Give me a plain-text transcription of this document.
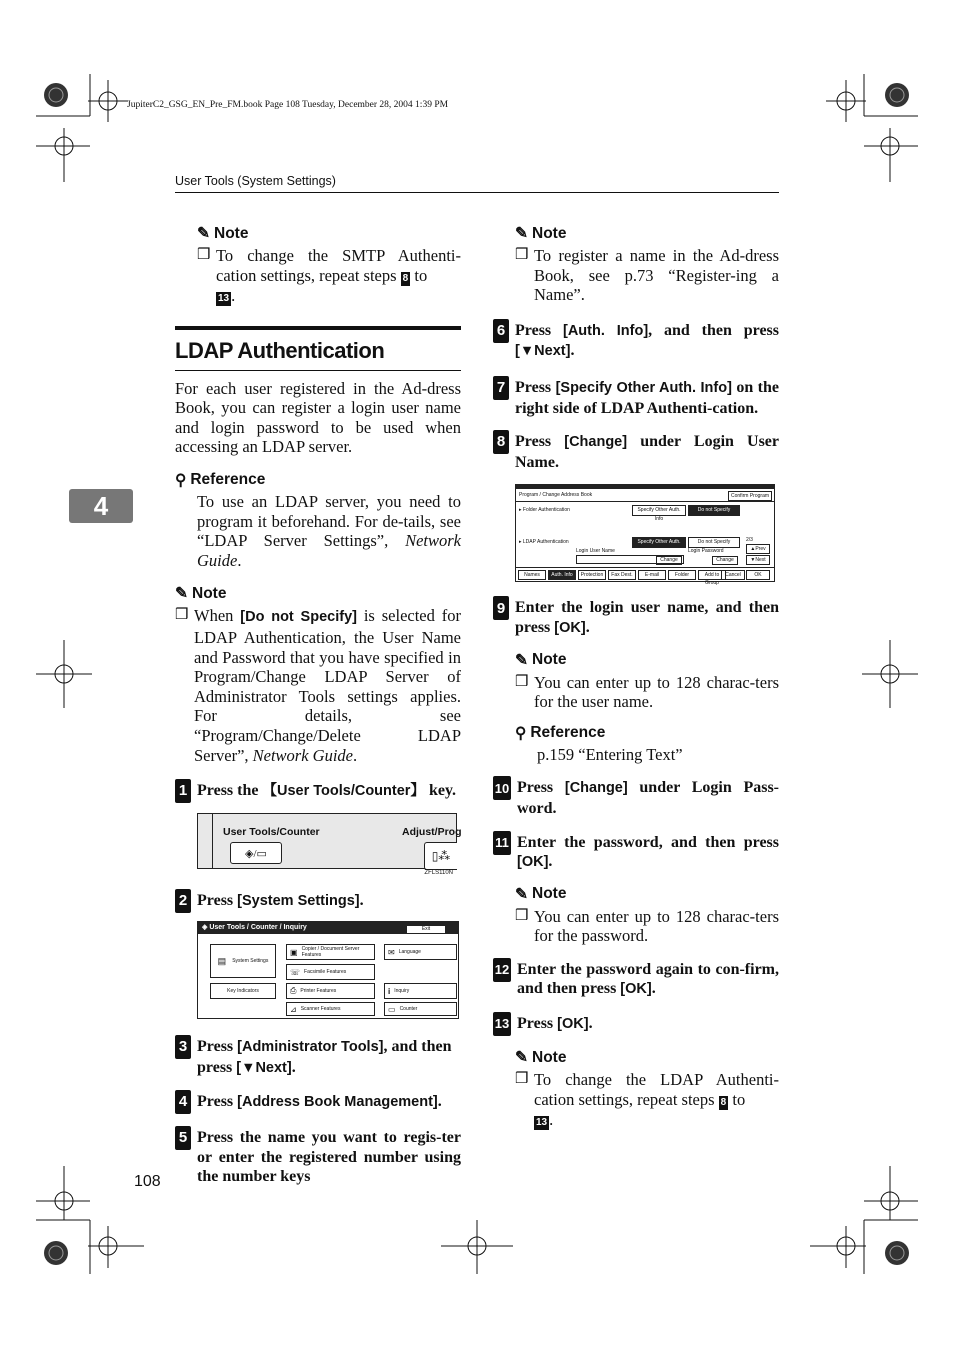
JupiterC2_GSG_EN_Pre_FM.book Page 108 Tuesday, December 28, 2004 1:39 PM
User Tools (System Settings)
4
108
✎ Note
❒ To change the SMTP Authenti-cation settings, repeat steps 8 to
13 .
LDAP Authentication
For each user registered in the Ad-dress Book, you can register a login user name and login password to be used when accessing an LDAP server.
⚲ Reference
To use an LDAP server, you need to program it beforehand. For de-tails, see “LDAP Server Settings”, Network Guide.
✎ Note
❒ When [Do not Specify] is selected for LDAP Authentication, the User Name and Password that you have specified in Program/Change LDAP Server of Administrator Tools settings applies. For details, see “Program/Change/Delete LDAP Server”, Network Guide.
1 Press the 【User Tools/Counter】 key.
User Tools/Counter	Adjust/Prog
◈/▭	▯⁂
ZFLS110N
2 Press [System Settings].
◈ User Tools / Counter / Inquiry	Exit
▤ System Settings
▣ Copier / Document Server Features
☏ Facsimile Features
⎙ Printer Features
⊿ Scanner Features
✉ Language
i Inquiry
▭ Counter
Key Indicators
3 Press [Administrator Tools], and then press [▼Next].
4 Press [Address Book Management].
5 Press the name you want to regis-ter or enter the registered number using the number keys
✎ Note
❒ To register a name in the Ad-dress Book, see p.73 “Register-ing a Name”.
6 Press [Auth. Info], and then press [▼Next].
7 Press [Specify Other Auth. Info] on the right side of LDAP Authenti-cation.
8 Press [Change] under Login User Name.
Program / Change Address Book	Confirm Program
▸ Folder Authentication	Specify Other Auth. Info
Do not Specify
▸ LDAP Authentication	Specify Other Auth. Info
Do not Specify	2/3
Login User Name	Login Password
Change	Change
▲Prev
▼Next
Names	Auth. Info	Protection	Fax Dest.	E-mail	Folder	Add to Group
Cancel	OK
9 Enter the login user name, and then press [OK].
✎ Note
❒ You can enter up to 128 charac-ters for the user name.
⚲ Reference
p.159 “Entering Text”
10 Press [Change] under Login Pass-word.
11 Enter the password, and then press [OK].
✎ Note
❒ You can enter up to 128 charac-ters for the password.
12 Enter the password again to con-firm, and then press [OK].
13 Press [OK].
✎ Note
❒ To change the LDAP Authenti-cation settings, repeat steps 8 to
13 .
